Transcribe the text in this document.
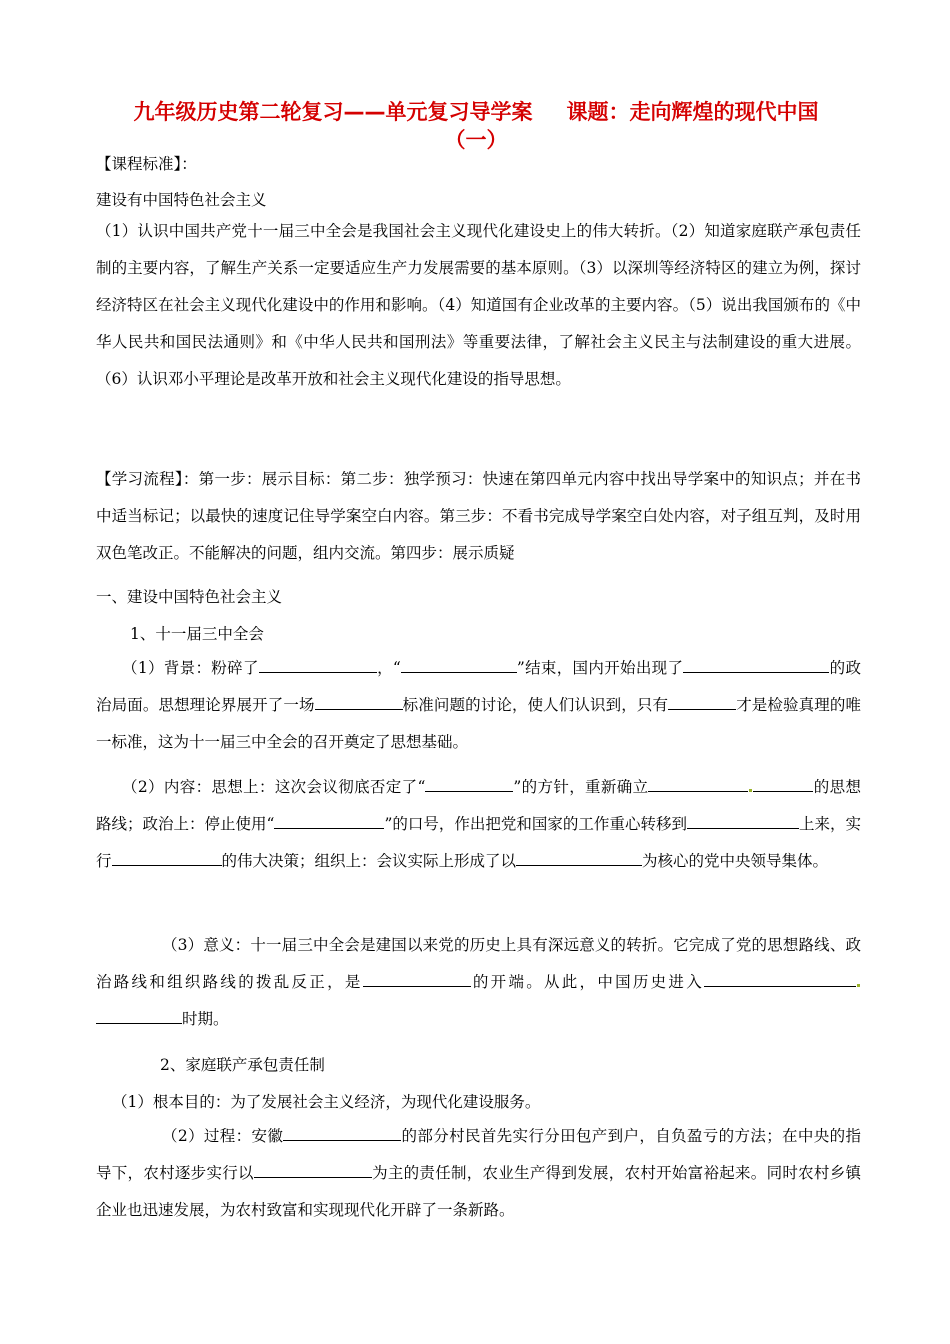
九年级历史第二轮复习——单元复习导学案 课题：走向辉煌的现代中国
（一）
【课程标准】：
建设有中国特色社会主义
（1）认识中国共产党十一届三中全会是我国社会主义现代化建设史上的伟大转折。（2）知道家庭联产承包责任制的主要内容，了解生产关系一定要适应生产力发展需要的基本原则。（3）以深圳等经济特区的建立为例，探讨经济特区在社会主义现代化建设中的作用和影响。（4）知道国有企业改革的主要内容。（5）说出我国颁布的《中华人民共和国民法通则》和《中华人民共和国刑法》等重要法律，了解社会主义民主与法制建设的重大进展。（6）认识邓小平理论是改革开放和社会主义现代化建设的指导思想。
【学习流程】：第一步：展示目标：第二步：独学预习：快速在第四单元内容中找出导学案中的知识点；并在书中适当标记；以最快的速度记住导学案空白内容。第三步：不看书完成导学案空白处内容，对子组互判，及时用双色笔改正。不能解决的问题，组内交流。第四步：展示质疑
一、建设中国特色社会主义
1、十一届三中全会
（1）背景：粉碎了	，“	”结束，国内开始出现了	的政治局面。思想理论界展开了一场	标准问题的讨论，使人们认识到，只有	才是检验真理的唯一标准，这为十一届三中全会的召开奠定了思想基础。
（2）内容：思想上：这次会议彻底否定了“	”的方针，重新确立	的思想路线；政治上：停止使用“	”的口号，作出把党和国家的工作重心转移到	上来，实行	的伟大决策；组织上：会议实际上形成了以	为核心的党中央领导集体。
（3）意义：十一届三中全会是建国以来党的历史上具有深远意义的转折。它完成了党的思想路线、政治路线和组织路线的拨乱反正，是	的开端。从此，中国历史进入时期。
2、家庭联产承包责任制
（1）根本目的：为了发展社会主义经济，为现代化建设服务。
（2）过程：安徽	的部分村民首先实行分田包产到户，自负盈亏的方法；在中央的指导下，农村逐步实行以	为主的责任制，农业生产得到发展，农村开始富裕起来。同时农村乡镇企业也迅速发展，为农村致富和实现现代化开辟了一条新路。
